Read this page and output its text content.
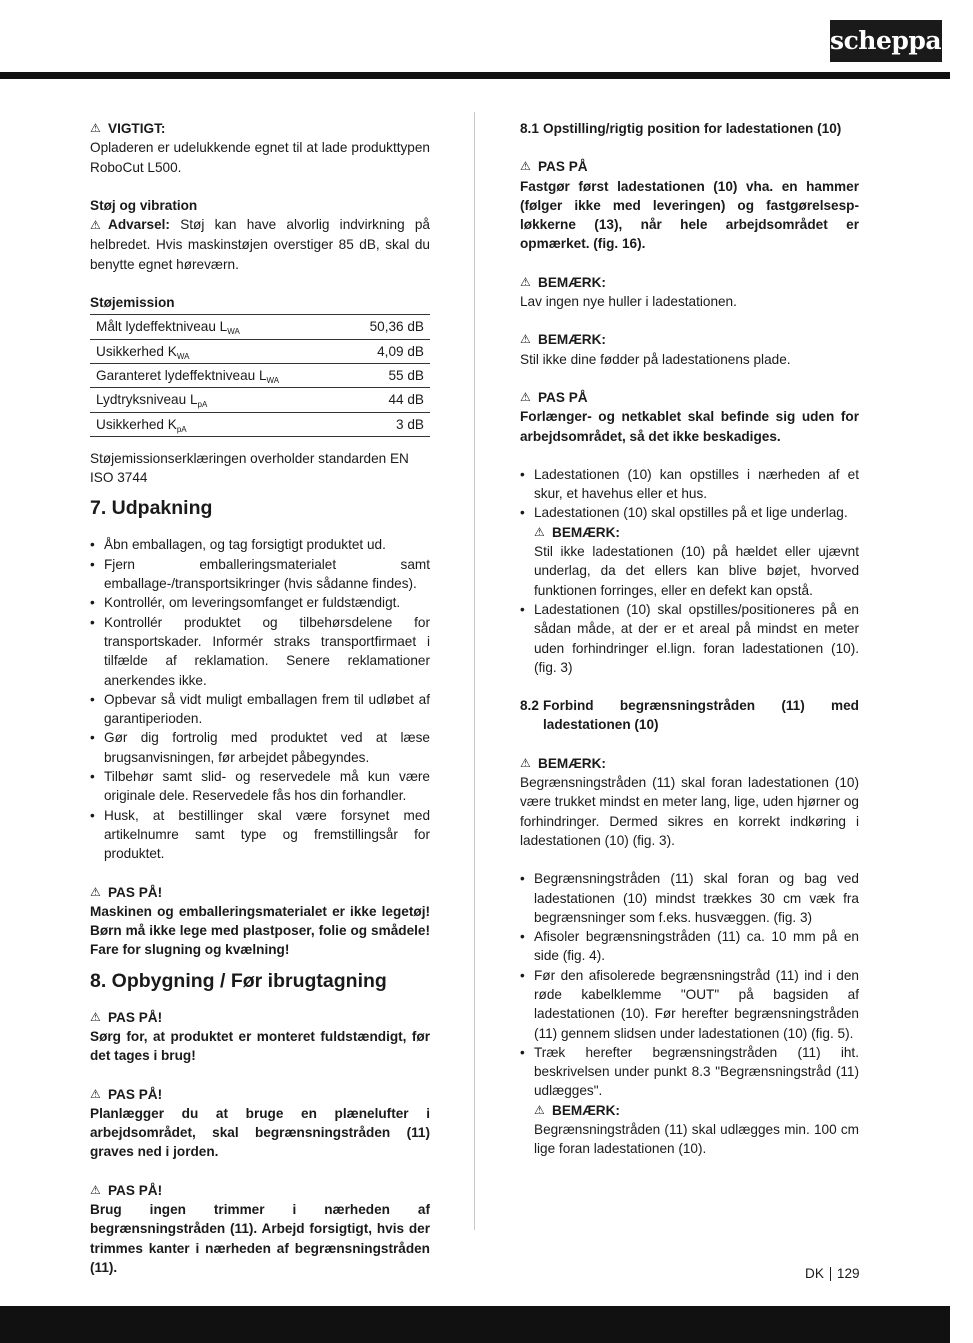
scheppach
⚠ VIGTIGT:

Opladeren er udelukkende egnet til at lade produkttypen RoboCut L500.

Støj og vibration

⚠ Advarsel: Støj kan have alvorlig indvirkning på helbredet. Hvis maskinstøjen overstiger 85 dB, skal du benytte egnet høreværn.

Støjemission

Målt lydeffektniveau $L_{WA}$	50,36 dB
Usikkerhed $K_{WA}$	4,09 dB
Garanteret lydeffektniveau $L_{WA}$	55 dB
Lydtryksniveau $L_{pA}$	44 dB
Usikkerhed $K_{pA}$	3 dB

Støjemissionserklæringen overholder standarden EN ISO 3744

7. Udpakning
• Åbn emballagen, og tag forsigtigt produktet ud.
• Fjern emballeringsmaterialet samt emballage-/transportsikringer (hvis sådanne findes).
• Kontrollér, om leveringsomfanget er fuldstændigt.
• Kontrollér produktet og tilbehørsdelene for transportskader. Informér straks transportfirmaet i tilfælde af reklamation. Senere reklamationer anerkendes ikke.
• Opbevar så vidt muligt emballagen frem til udløbet af garantiperioden.
• Gør dig fortrolig med produktet ved at læse brugsanvisningen, før arbejdet påbegyndes.
• Tilbehør samt slid- og reservedele må kun være originale dele. Reservedele fås hos din forhandler.
• Husk, at bestillinger skal være forsynet med artikelnumre samt type og fremstillingsår for produktet.
⚠ PAS PÅ!

Maskinen og emballeringsmaterialet er ikke legetøj! Børn må ikke lege med plastposer, folie og smådele! Fare for slugning og kvælning!

8. Opbygning / Før ibrugtagning
⚠ PAS PÅ!

Sørg for, at produktet er monteret fuldstændigt, før det tages i brug!

⚠ PAS PÅ!

Planlægger du at bruge en plænelufter i arbejdsområdet, skal begrænsningstråden (11) graves ned i jorden.

⚠ PAS PÅ!

Brug ingen trimmer i nærheden af begrænsningstråden (11). Arbejd forsigtigt, hvis der trimmes kanter i nærheden af begrænsningstråden (11).

8.1 Opstilling/rigtig position for ladestationen (10)
⚠ PAS PÅ

Fastgør først ladestationen (10) vha. en hammer (følger ikke med leveringen) og fastgørelsesp-løkkerne (13), når hele arbejdsområdet er opmærket. (fig. 16).

⚠ BEMÆRK:

Lav ingen nye huller i ladestationen.

⚠ BEMÆRK:

Stil ikke dine fødder på ladestationens plade.

⚠ PAS PÅ

Forlænger- og netkablet skal befinde sig uden for arbejdsområdet, så det ikke beskadiges.

• Ladestationen (10) kan opstilles i nærheden af et skur, et havehus eller et hus.
• Ladestationen (10) skal opstilles på et lige underlag.
⚠ BEMÆRK:

Stil ikke ladestationen (10) på hældet eller ujævnt underlag, da det ellers kan blive bøjet, hvorved funktionen forringes, eller en defekt kan opstå.

• Ladestationen (10) skal opstilles/positioneres på en sådan måde, at der er et areal på mindst en meter uden forhindringer el.lign. foran ladestationen (10). (fig. 3)
8.2 Forbind begrænsningstråden (11) med ladestationen (10)
⚠ BEMÆRK:

Begrænsningstråden (11) skal foran ladestationen (10) være trukket mindst en meter lang, lige, uden hjørner og forhindringer. Dermed sikres en korrekt indkøring i ladestationen (10) (fig. 3).

• Begrænsningstråden (11) skal foran og bag ved ladestationen (10) mindst trækkes 30 cm væk fra begrænsninger som f.eks. husvæggen. (fig. 3)
• Afisoler begrænsningstråden (11) ca. 10 mm på en side (fig. 4).
• Før den afisolerede begrænsningstråd (11) ind i den røde kabelklemme "OUT" på bagsiden af ladestationen (10). Før herefter begrænsningstråden (11) gennem slidsen under ladestationen (10) (fig. 5).
• Træk herefter begrænsningstråden (11) iht. beskrivelsen under punkt 8.3 "Begrænsningstråd (11) udlægges".
⚠ BEMÆRK:

Begrænsningstråden (11) skal udlægges min. 100 cm lige foran ladestationen (10).

DK 129
